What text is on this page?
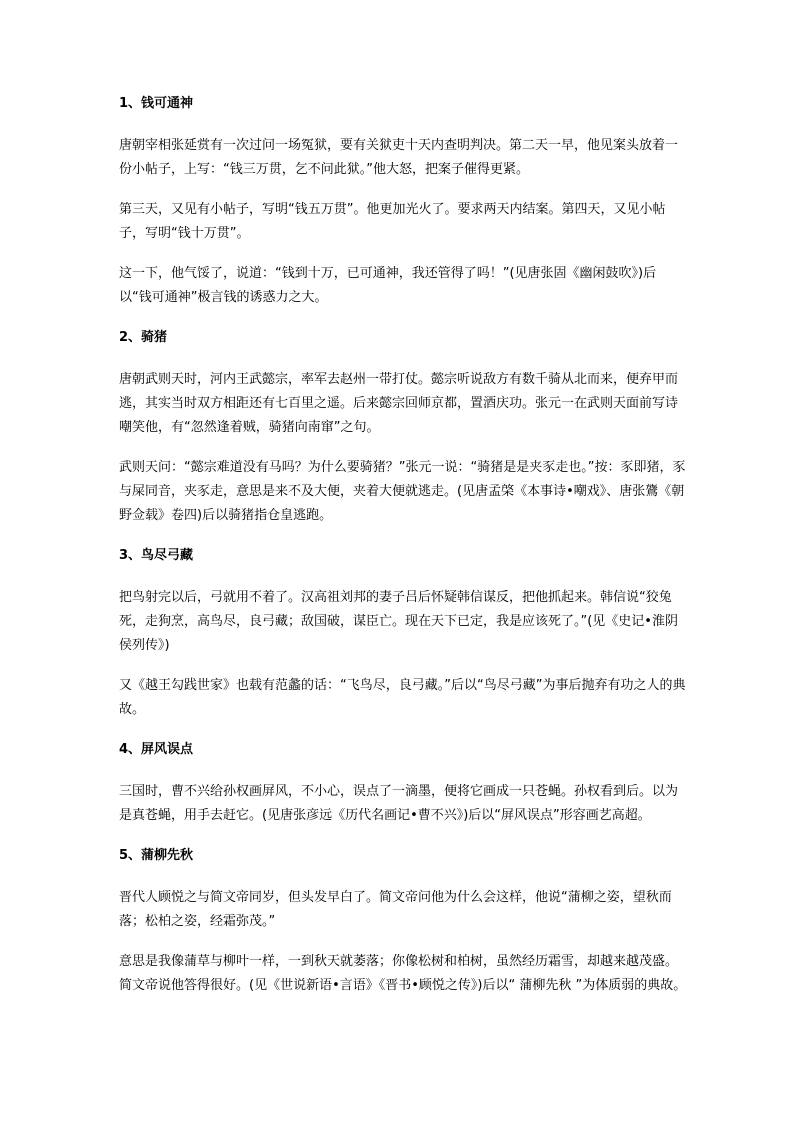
1、钱可通神

唐朝宰相张延赏有一次过问一场冤狱，要有关狱吏十天内查明判决。第二天一早，他见案头放着一份小帖子，上写：“钱三万贯，乞不问此狱。”他大怒，把案子催得更紧。

第三天，又见有小帖子，写明“钱五万贯”。他更加光火了。要求两天内结案。第四天，又见小帖子，写明“钱十万贯”。

这一下，他气馁了，说道：“钱到十万，已可通神，我还管得了吗！”(见唐张固《幽闲鼓吹》)后以“钱可通神”极言钱的诱惑力之大。

2、骑猪

唐朝武则天时，河内王武懿宗，率军去赵州一带打仗。懿宗听说敌方有数千骑从北而来，便弃甲而逃，其实当时双方相距还有七百里之遥。后来懿宗回师京都，置酒庆功。张元一在武则天面前写诗嘲笑他，有“忽然逢着贼，骑猪向南窜”之句。

武则天问：“懿宗难道没有马吗？为什么要骑猪？”张元一说：“骑猪是是夹豕走也。”按：豕即猪，豕与屎同音，夹豕走，意思是来不及大便，夹着大便就逃走。(见唐孟棨《本事诗•嘲戏》、唐张鷟《朝野佥载》卷四)后以骑猪指仓皇逃跑。

3、鸟尽弓藏

把鸟射完以后，弓就用不着了。汉高祖刘邦的妻子吕后怀疑韩信谋反，把他抓起来。韩信说“狡兔死，走狗烹，高鸟尽，良弓藏；敌国破，谋臣亡。现在天下已定，我是应该死了。”(见《史记•淮阴侯列传》)

又《越王勾践世家》也载有范蠡的话：“飞鸟尽，良弓藏。”后以“鸟尽弓藏”为事后抛弃有功之人的典故。

4、屏风误点

三国时，曹不兴给孙权画屏风，不小心，误点了一滴墨，便将它画成一只苍蝇。孙权看到后。以为是真苍蝇，用手去赶它。(见唐张彦远《历代名画记•曹不兴》)后以“屏风误点”形容画艺高超。

5、蒲柳先秋

晋代人顾悦之与简文帝同岁，但头发早白了。简文帝问他为什么会这样，他说“蒲柳之姿，望秋而落；松柏之姿，经霜弥茂。”

意思是我像蒲草与柳叶一样，一到秋天就萎落；你像松树和柏树，虽然经历霜雪，却越来越茂盛。简文帝说他答得很好。(见《世说新语•言语》《晋书•顾悦之传》)后以“ 蒲柳先秋 ”为体质弱的典故。
